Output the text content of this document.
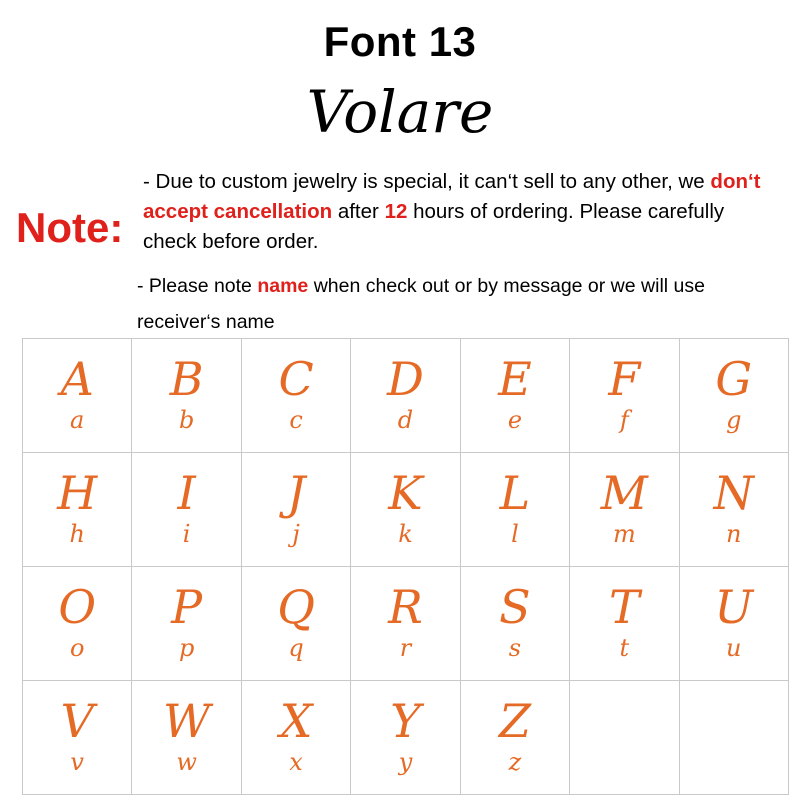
Font 13
Volare
Note:
- Due to custom jewelry is special, it can‘t sell to any other, we don‘t accept cancellation after 12 hours of ordering. Please carefully check before order.
- Please note name when check out or by message or we will use receiver‘s name
A
a
B
b
C
c
D
d
E
e
F
f
G
g
H
h
I
i
J
j
K
k
L
l
M
m
N
n
O
o
P
p
Q
q
R
r
S
s
T
t
U
u
V
v
W
w
X
x
Y
y
Z
z
